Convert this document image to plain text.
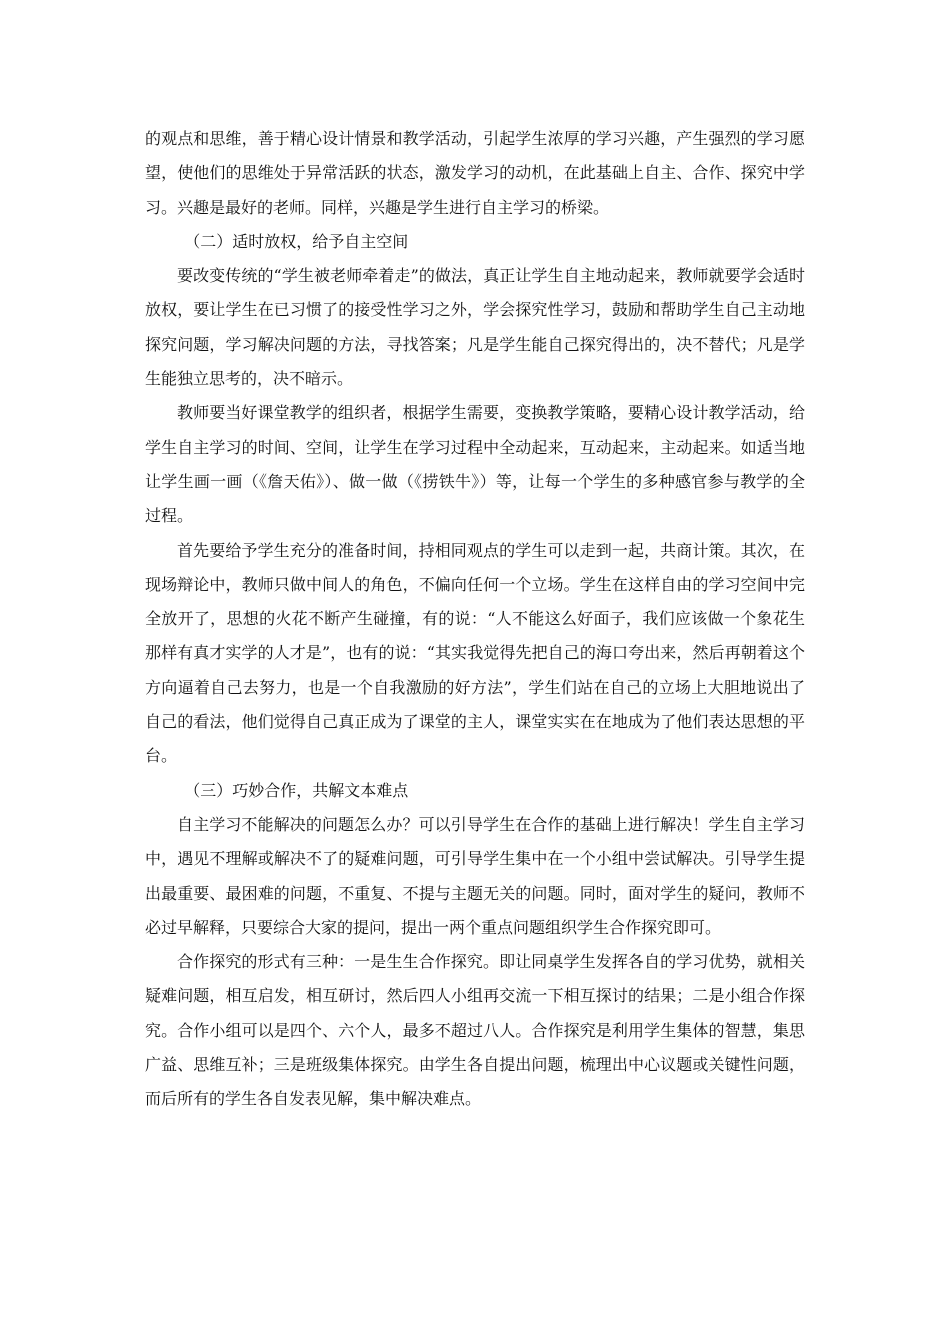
的观点和思维，善于精心设计情景和教学活动，引起学生浓厚的学习兴趣，产生强烈的学习愿望，使他们的思维处于异常活跃的状态，激发学习的动机，在此基础上自主、合作、探究中学习。兴趣是最好的老师。同样，兴趣是学生进行自主学习的桥梁。

（二）适时放权，给予自主空间

要改变传统的“学生被老师牵着走”的做法，真正让学生自主地动起来，教师就要学会适时放权，要让学生在已习惯了的接受性学习之外，学会探究性学习，鼓励和帮助学生自己主动地探究问题，学习解决问题的方法，寻找答案；凡是学生能自己探究得出的，决不替代；凡是学生能独立思考的，决不暗示。

教师要当好课堂教学的组织者，根据学生需要，变换教学策略，要精心设计教学活动，给学生自主学习的时间、空间，让学生在学习过程中全动起来，互动起来，主动起来。如适当地让学生画一画（《詹天佑》）、做一做（《捞铁牛》）等，让每一个学生的多种感官参与教学的全过程。

首先要给予学生充分的准备时间，持相同观点的学生可以走到一起，共商计策。其次，在现场辩论中，教师只做中间人的角色，不偏向任何一个立场。学生在这样自由的学习空间中完全放开了，思想的火花不断产生碰撞，有的说：“人不能这么好面子，我们应该做一个象花生那样有真才实学的人才是”，也有的说：“其实我觉得先把自己的海口夸出来，然后再朝着这个方向逼着自己去努力，也是一个自我激励的好方法”，学生们站在自己的立场上大胆地说出了自己的看法，他们觉得自己真正成为了课堂的主人，课堂实实在在地成为了他们表达思想的平台。

（三）巧妙合作，共解文本难点

自主学习不能解决的问题怎么办？可以引导学生在合作的基础上进行解决！学生自主学习中，遇见不理解或解决不了的疑难问题，可引导学生集中在一个小组中尝试解决。引导学生提出最重要、最困难的问题，不重复、不提与主题无关的问题。同时，面对学生的疑问，教师不必过早解释，只要综合大家的提问，提出一两个重点问题组织学生合作探究即可。

合作探究的形式有三种：一是生生合作探究。即让同桌学生发挥各自的学习优势，就相关疑难问题，相互启发，相互研讨，然后四人小组再交流一下相互探讨的结果；二是小组合作探究。合作小组可以是四个、六个人，最多不超过八人。合作探究是利用学生集体的智慧，集思广益、思维互补；三是班级集体探究。由学生各自提出问题，梳理出中心议题或关键性问题，而后所有的学生各自发表见解，集中解决难点。
